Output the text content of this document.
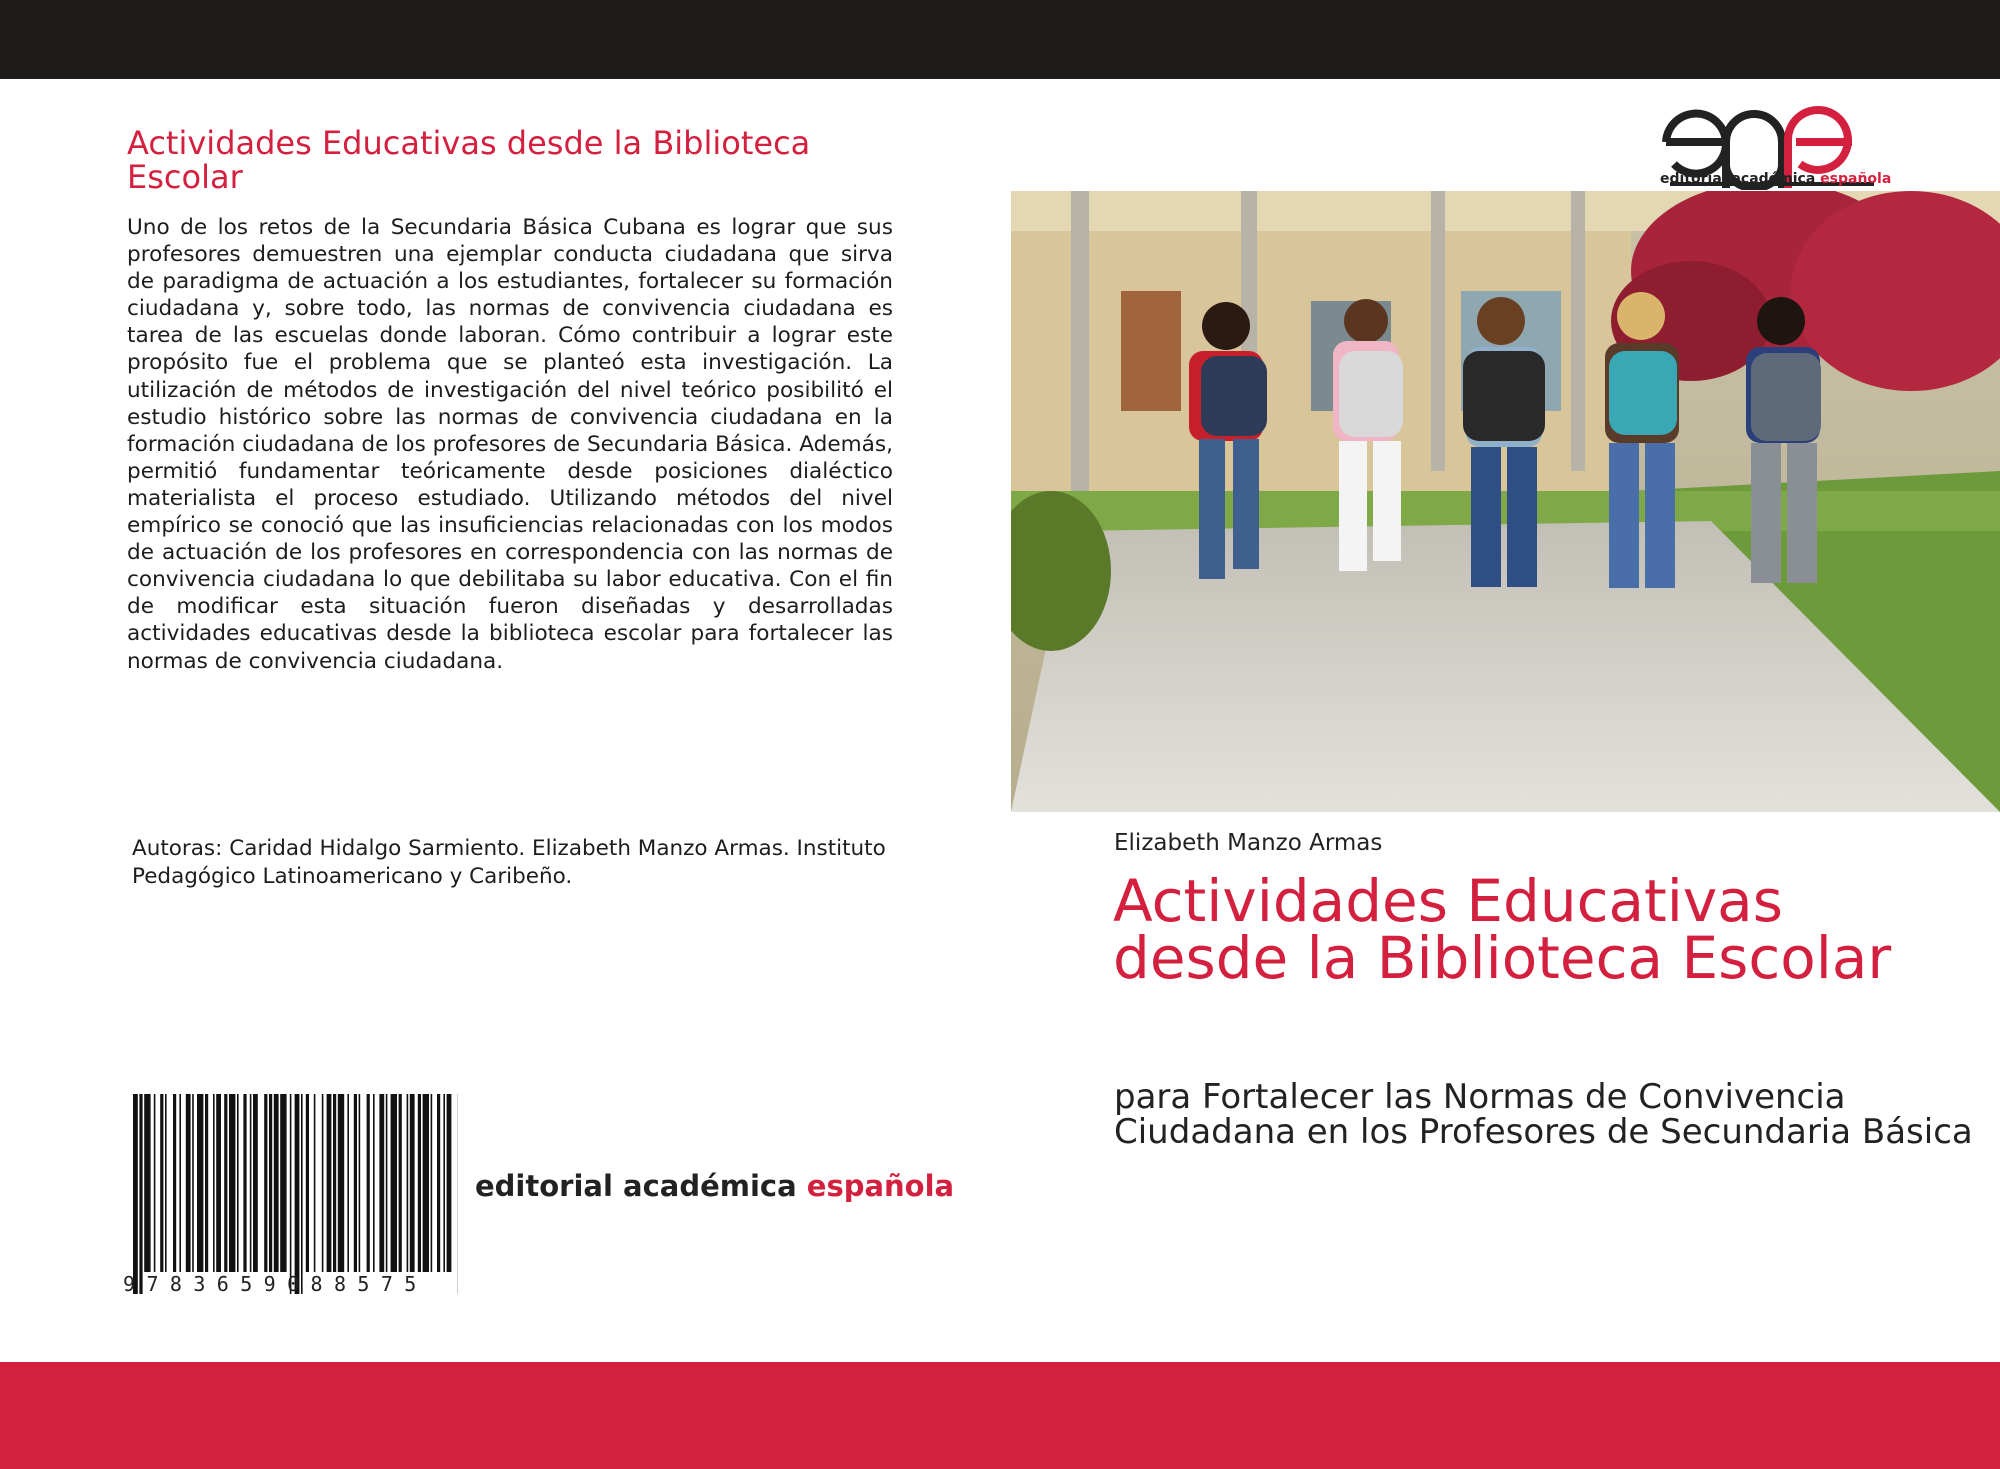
Actividades Educativas desde la Biblioteca Escolar

Uno de los retos de la Secundaria Básica Cubana es lograr que sus profesores demuestren una ejemplar conducta ciudadana que sirva de paradigma de actuación a los estudiantes, fortalecer su formación ciudadana y, sobre todo, las normas de convivencia ciudadana es tarea de las escuelas donde laboran. Cómo contribuir a lograr este propósito fue el problema que se planteó esta investigación. La utilización de métodos de investigación del nivel teórico posibilitó el estudio histórico sobre las normas de convivencia ciudadana en la formación ciudadana de los profesores de Secundaria Básica. Además, permitió fundamentar teóricamente desde posiciones dialéctico materialista el proceso estudiado. Utilizando métodos del nivel empírico se conoció que las insuficiencias relacionadas con los modos de actuación de los profesores en correspondencia con las normas de convivencia ciudadana lo que debilitaba su labor educativa. Con el fin de modificar esta situación fueron diseñadas y desarrolladas actividades educativas desde la biblioteca escolar para fortalecer las normas de convivencia ciudadana.

Autoras: Caridad Hidalgo Sarmiento. Elizabeth Manzo Armas. Instituto Pedagógico Latinoamericano y Caribeño.

9783659088575
editorial académica española
editorial académica española
Elizabeth Manzo Armas
Actividades Educativas desde la Biblioteca Escolar

para Fortalecer las Normas de Convivencia Ciudadana en los Profesores de Secundaria Básica
